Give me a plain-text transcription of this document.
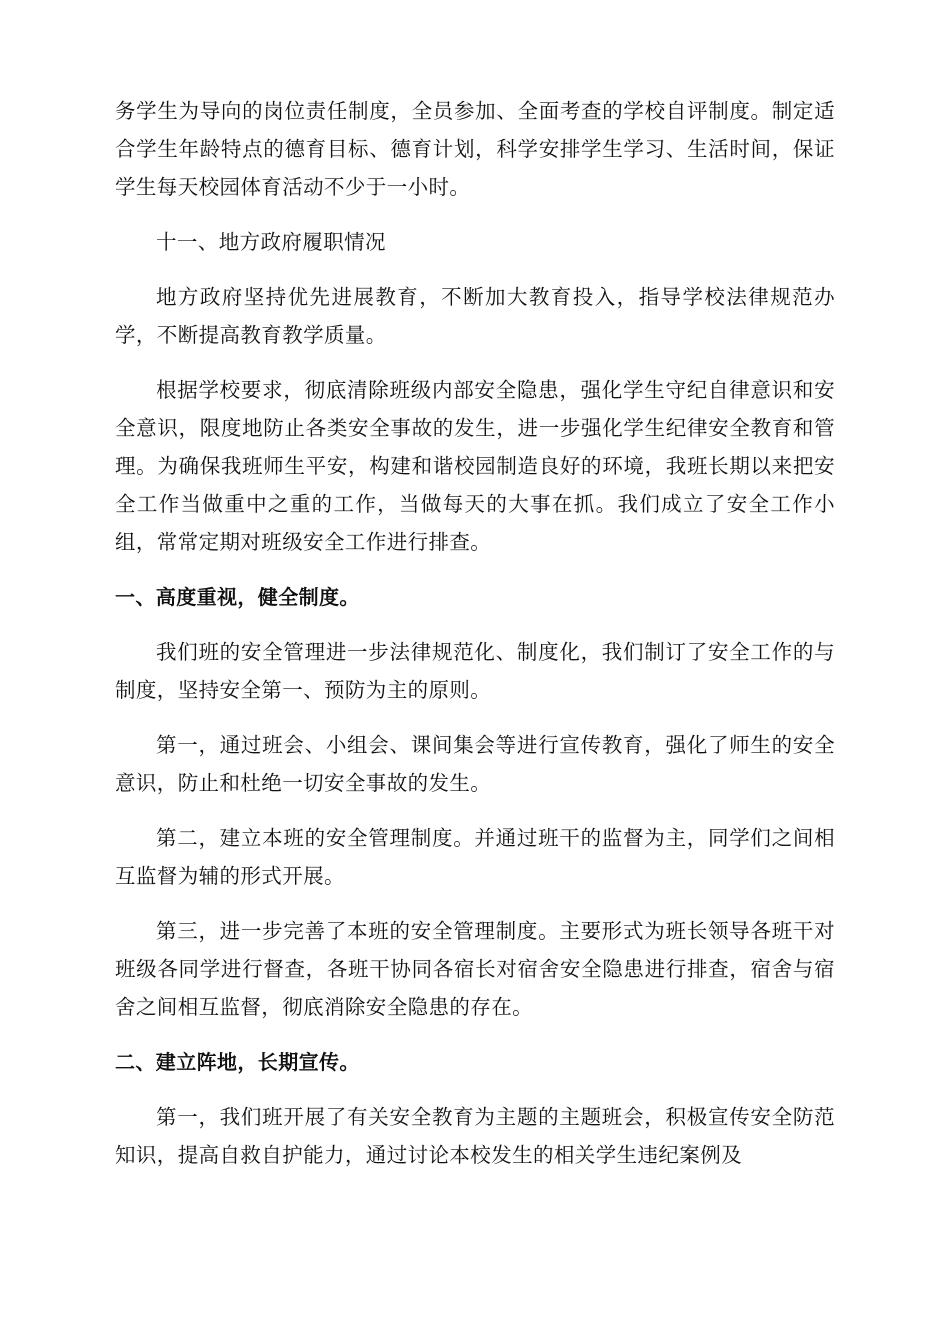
务学生为导向的岗位责任制度，全员参加、全面考查的学校自评制度。制定适合学生年龄特点的德育目标、德育计划，科学安排学生学习、生活时间，保证学生每天校园体育活动不少于一小时。

十一、地方政府履职情况

地方政府坚持优先进展教育，不断加大教育投入，指导学校法律规范办学，不断提高教育教学质量。

根据学校要求，彻底清除班级内部安全隐患，强化学生守纪自律意识和安全意识，限度地防止各类安全事故的发生，进一步强化学生纪律安全教育和管理。为确保我班师生平安，构建和谐校园制造良好的环境，我班长期以来把安全工作当做重中之重的工作，当做每天的大事在抓。我们成立了安全工作小组，常常定期对班级安全工作进行排查。

一、高度重视，健全制度。

我们班的安全管理进一步法律规范化、制度化，我们制订了安全工作的与制度，坚持安全第一、预防为主的原则。

第一，通过班会、小组会、课间集会等进行宣传教育，强化了师生的安全意识，防止和杜绝一切安全事故的发生。

第二，建立本班的安全管理制度。并通过班干的监督为主，同学们之间相互监督为辅的形式开展。

第三，进一步完善了本班的安全管理制度。主要形式为班长领导各班干对班级各同学进行督查，各班干协同各宿长对宿舍安全隐患进行排查，宿舍与宿舍之间相互监督，彻底消除安全隐患的存在。

二、建立阵地，长期宣传。

第一，我们班开展了有关安全教育为主题的主题班会，积极宣传安全防范知识，提高自救自护能力，通过讨论本校发生的相关学生违纪案例及
